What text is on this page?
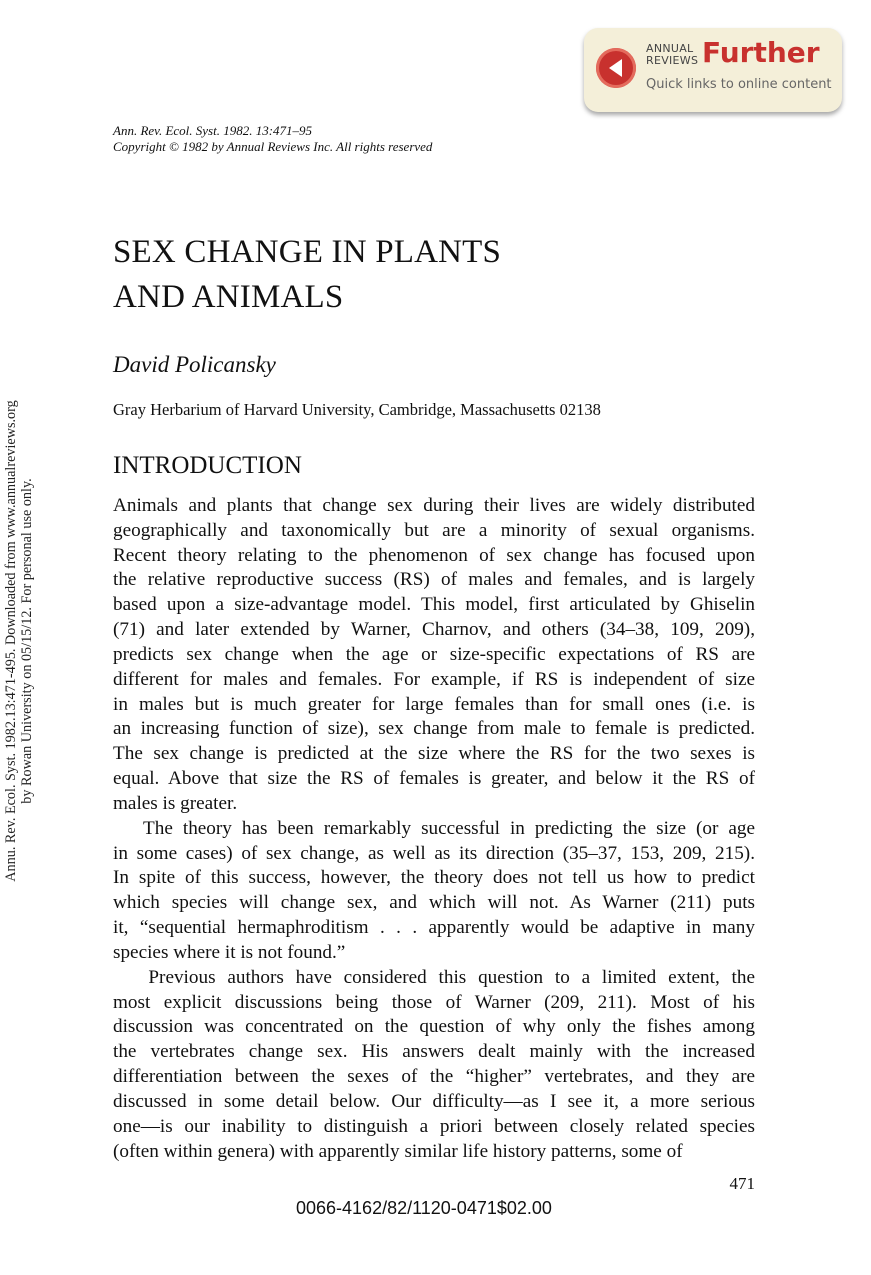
ANNUAL
REVIEWS Further
Quick links to online content
Annu. Rev. Ecol. Syst. 1982.13:471-495. Downloaded from www.annualreviews.org by Rowan University on 05/15/12. For personal use only.
Ann. Rev. Ecol. Syst. 1982. 13:471–95
Copyright © 1982 by Annual Reviews Inc. All rights reserved
SEX CHANGE IN PLANTS
AND ANIMALS
David Policansky
Gray Herbarium of Harvard University, Cambridge, Massachusetts 02138
INTRODUCTION
Animals and plants that change sex during their lives are widely distributed
geographically and taxonomically but are a minority of sexual organisms.
Recent theory relating to the phenomenon of sex change has focused upon
the relative reproductive success (RS) of males and females, and is largely
based upon a size-advantage model. This model, first articulated by Ghiselin
(71) and later extended by Warner, Charnov, and others (34–38, 109, 209),
predicts sex change when the age or size-specific expectations of RS are
different for males and females. For example, if RS is independent of size
in males but is much greater for large females than for small ones (i.e. is
an increasing function of size), sex change from male to female is predicted.
The sex change is predicted at the size where the RS for the two sexes is
equal. Above that size the RS of females is greater, and below it the RS of
males is greater.
The theory has been remarkably successful in predicting the size (or age
in some cases) of sex change, as well as its direction (35–37, 153, 209, 215).
In spite of this success, however, the theory does not tell us how to predict
which species will change sex, and which will not. As Warner (211) puts
it, “sequential hermaphroditism . . . apparently would be adaptive in many
species where it is not found.”
Previous authors have considered this question to a limited extent, the
most explicit discussions being those of Warner (209, 211). Most of his
discussion was concentrated on the question of why only the fishes among
the vertebrates change sex. His answers dealt mainly with the increased
differentiation between the sexes of the “higher” vertebrates, and they are
discussed in some detail below. Our difficulty—as I see it, a more serious
one—is our inability to distinguish a priori between closely related species
(often within genera) with apparently similar life history patterns, some of
471
0066-4162/82/1120-0471$02.00
